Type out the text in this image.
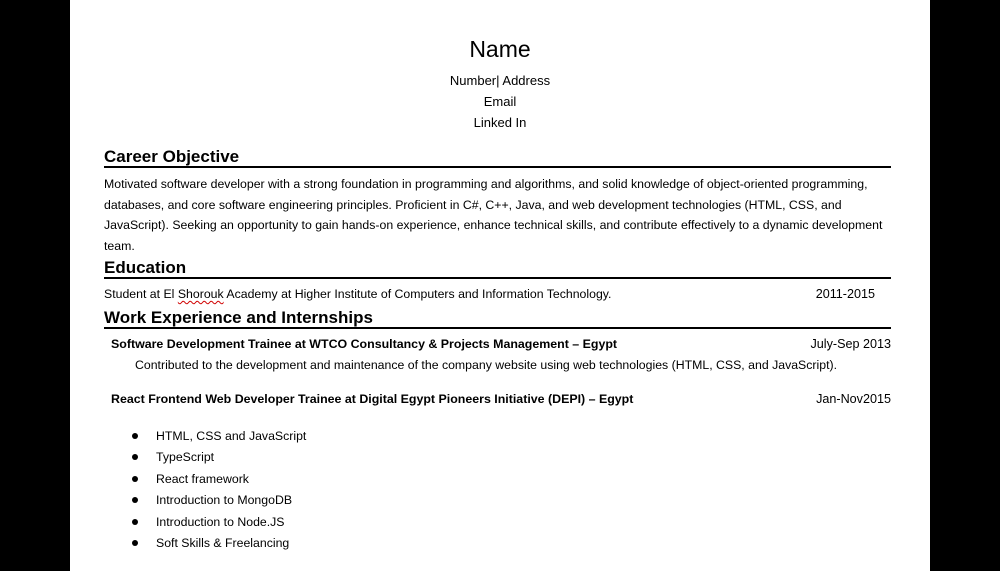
Name
Number| Address
Email
Linked In
Career Objective
Motivated software developer with a strong foundation in programming and algorithms, and solid knowledge of object-oriented programming, databases, and core software engineering principles. Proficient in C#, C++, Java, and web development technologies (HTML, CSS, and JavaScript). Seeking an opportunity to gain hands-on experience, enhance technical skills, and contribute effectively to a dynamic development team.
Education
Student at El Shorouk Academy at Higher Institute of Computers and Information Technology.	2011-2015
Work Experience and Internships
Software Development Trainee at WTCO Consultancy & Projects Management – Egypt	July-Sep 2013
Contributed to the development and maintenance of the company website using web technologies (HTML, CSS, and JavaScript).
React Frontend Web Developer Trainee at Digital Egypt Pioneers Initiative (DEPI) – Egypt	Jan-Nov2015
HTML, CSS and JavaScript
TypeScript
React framework
Introduction to MongoDB
Introduction to Node.JS
Soft Skills & Freelancing
